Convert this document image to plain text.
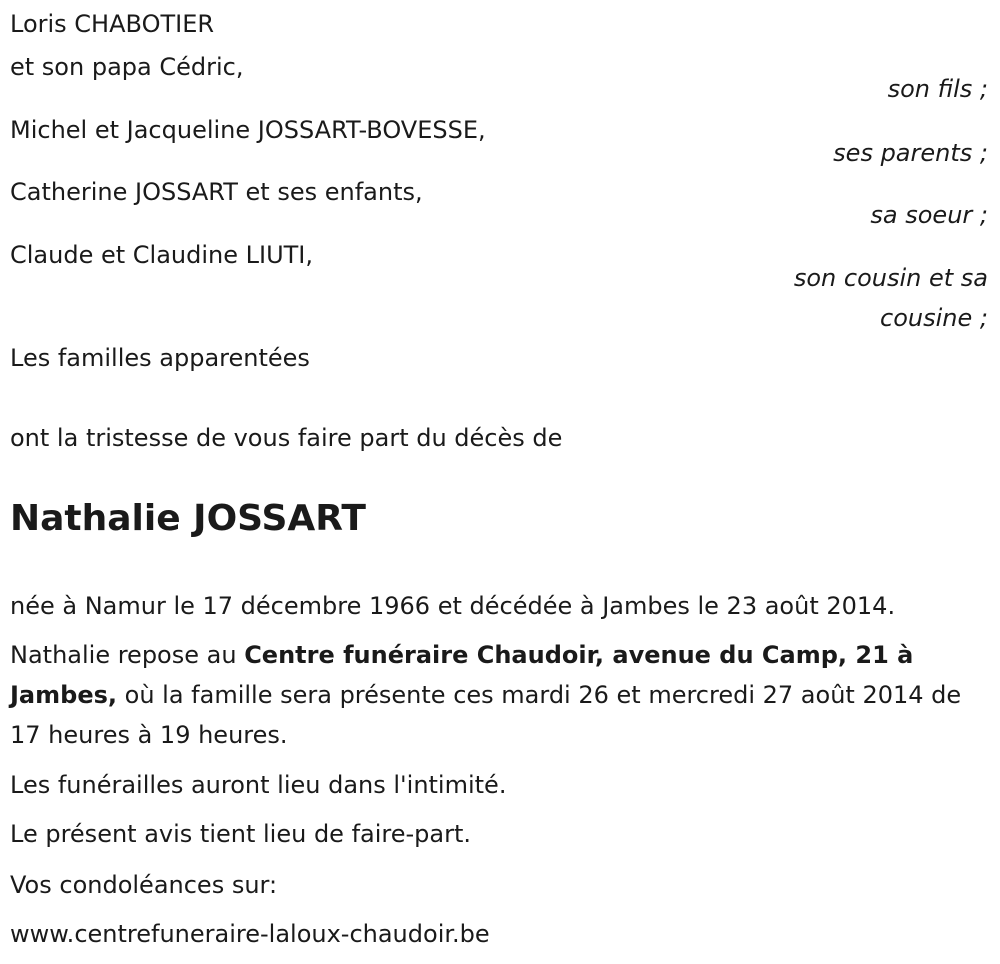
Loris CHABOTIER

et son papa Cédric,

son fils ;

Michel et Jacqueline JOSSART-BOVESSE,

ses parents ;

Catherine JOSSART et ses enfants,

sa soeur ;

Claude et Claudine LIUTI,

son cousin et sa

cousine ;

Les familles apparentées

ont la tristesse de vous faire part du décès de

Nathalie JOSSART

née à Namur le 17 décembre 1966 et décédée à Jambes le 23 août 2014.

Nathalie repose au Centre funéraire Chaudoir, avenue du Camp, 21 à Jambes, où la famille sera présente ces mardi 26 et mercredi 27 août 2014 de 17 heures à 19 heures.

Les funérailles auront lieu dans l'intimité.

Le présent avis tient lieu de faire-part.

Vos condoléances sur:

www.centrefuneraire-laloux-chaudoir.be
